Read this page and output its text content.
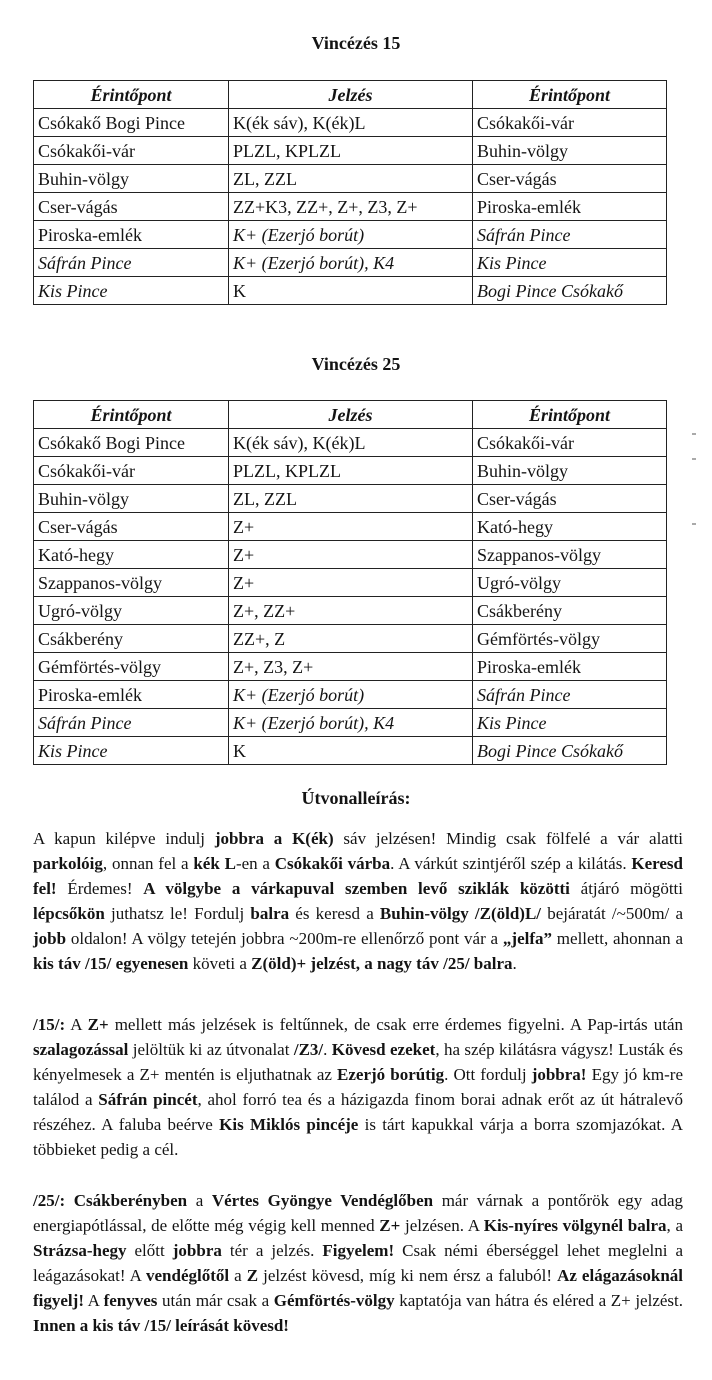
Vincézés 15
Érintőpont	Jelzés	Érintőpont
Csókakő Bogi Pince	K(ék sáv), K(ék)L	Csókakői-vár
Csókakői-vár	PLZL, KPLZL	Buhin-völgy
Buhin-völgy	ZL, ZZL	Cser-vágás
Cser-vágás	ZZ+K3, ZZ+, Z+, Z3, Z+	Piroska-emlék
Piroska-emlék	K+ (Ezerjó borút)	Sáfrán Pince
Sáfrán Pince	K+ (Ezerjó borút), K4	Kis Pince
Kis Pince	K	Bogi Pince Csókakő
Vincézés 25
Érintőpont	Jelzés	Érintőpont
Csókakő Bogi Pince	K(ék sáv), K(ék)L	Csókakői-vár
Csókakői-vár	PLZL, KPLZL	Buhin-völgy
Buhin-völgy	ZL, ZZL	Cser-vágás
Cser-vágás	Z+	Kató-hegy
Kató-hegy	Z+	Szappanos-völgy
Szappanos-völgy	Z+	Ugró-völgy
Ugró-völgy	Z+, ZZ+	Csákberény
Csákberény	ZZ+, Z	Gémförtés-völgy
Gémförtés-völgy	Z+, Z3, Z+	Piroska-emlék
Piroska-emlék	K+ (Ezerjó borút)	Sáfrán Pince
Sáfrán Pince	K+ (Ezerjó borút), K4	Kis Pince
Kis Pince	K	Bogi Pince Csókakő
Útvonalleírás:

A kapun kilépve indulj jobbra a K(ék) sáv jelzésen! Mindig csak fölfelé a vár alatti parkolóig, onnan fel a kék L-en a Csókakői várba. A várkút szintjéről szép a kilátás. Keresd fel! Érdemes! A völgybe a várkapuval szemben levő sziklák közötti átjáró mögötti lépcsőkön juthatsz le! Fordulj balra és keresd a Buhin-völgy /Z(öld)L/ bejáratát /~500m/ a jobb oldalon! A völgy tetején jobbra ~200m-re ellenőrző pont vár a „jelfa” mellett, ahonnan a kis táv /15/ egyenesen követi a Z(öld)+ jelzést, a nagy táv /25/ balra.

/15/: A Z+ mellett más jelzések is feltűnnek, de csak erre érdemes figyelni. A Pap-irtás után szalagozással jelöltük ki az útvonalat /Z3/. Kövesd ezeket, ha szép kilátásra vágysz! Lusták és kényelmesek a Z+ mentén is eljuthatnak az Ezerjó borútig. Ott fordulj jobbra! Egy jó km-re találod a Sáfrán pincét, ahol forró tea és a házigazda finom borai adnak erőt az út hátralevő részéhez. A faluba beérve Kis Miklós pincéje is tárt kapukkal várja a borra szomjazókat. A többieket pedig a cél.

/25/: Csákberényben a Vértes Gyöngye Vendéglőben már várnak a pontőrök egy adag energiapótlással, de előtte még végig kell menned Z+ jelzésen. A Kis-nyíres völgynél balra, a Strázsa-hegy előtt jobbra tér a jelzés. Figyelem! Csak némi éberséggel lehet meglelni a leágazásokat! A vendéglőtől a Z jelzést kövesd, míg ki nem érsz a faluból! Az elágazásoknál figyelj! A fenyves után már csak a Gémförtés-völgy kaptatója van hátra és eléred a Z+ jelzést. Innen a kis táv /15/ leírását kövesd!
